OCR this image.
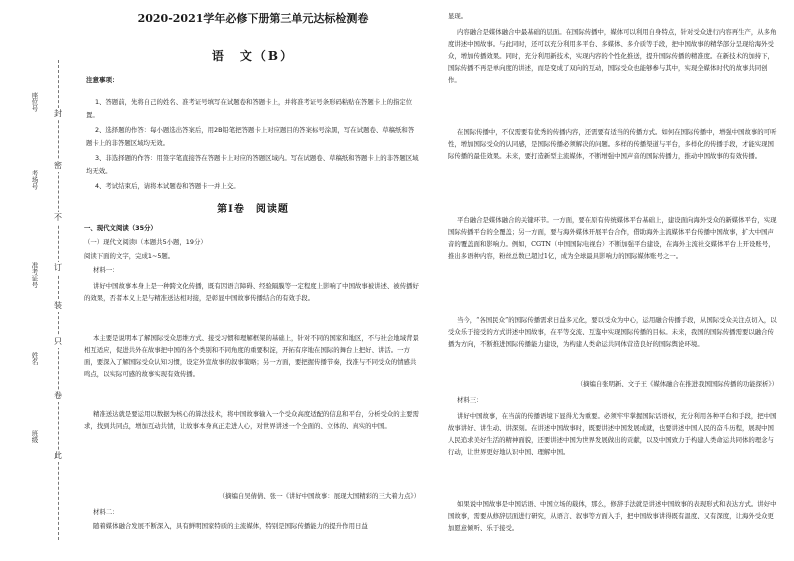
封
密
不
订
装
只
卷
此
座位号
考场号
准考证号
姓名
班级
2020-2021学年必修下册第三单元达标检测卷
语　文（B）
注意事项：
1、答题前，先将自己的姓名、准考证号填写在试题卷和答题卡上，并将准考证号条形码粘贴在答题卡上的指定位置。
2、选择题的作答：每小题选出答案后，用2B铅笔把答题卡上对应题目的答案标号涂黑，写在试题卷、草稿纸和答题卡上的非答题区域均无效。
3、非选择题的作答：用签字笔直接答在答题卡上对应的答题区域内。写在试题卷、草稿纸和答题卡上的非答题区域均无效。
4、考试结束后，请将本试题卷和答题卡一并上交。
第Ⅰ卷　阅读题
一、现代文阅读（35分）
（一）现代文阅读Ⅰ（本题共5小题，19分）
阅读下面的文字，完成1~5题。
材料一：
讲好中国故事本身上是一种跨文化传播，既有因语言障碍、经验隔膜等一定程度上影响了中国故事被讲述、被传播好的效果，否者本义上是与精准送达相对接，是彰显中国故事传播结合的有效手段。
本主要是说明本了解国际受众思维方式、接受习惯和理解框架的基础上，针对不同的国家和地区，不与社会地域背景相互适应，促进共外在故事把中国的各个类别和不同角度的重要积淀，开拓有序地在国际的舞台上把好、讲活。一方面，要深入了解国际受众认知习惯，设定外宣故事的叙事策略；另一方面，要把握传播节奏，找准与不同受众的情感共鸣点，以实际可感的故事实现有效传播。
精准送达就是要运用以数据为核心的算法技术，将中国故事输入一个受众高度适配的信息和平台，分析受众的主要需求，找到共同点，增加互动共情，让故事本身真正走进人心，对世界讲述一个全面的、立体的、真实的中国。
（摘编自吴倩倩、张一《讲好中国故事：展现大国精彩的三大着力点》）
材料二：
随着媒体融合发展不断深入，具有鲜明国家特质的主流媒体，特别是国际传播能力的提升作用日益
显现。
内容融合是媒体融合中最基础的层面。在国际传播中，媒体可以利用自身特点，针对受众进行内容再生产，从多角度讲述中国故事。与此同时，还可以充分利用多平台、多媒体、多介质等手段，把中国故事的精华部分呈现给海外受众，增加传播效果。同时，充分利用新技术，实现内容的个性化推送，提升国际传播的精准度。在新技术的加持下，国际传播不再是单向度的讲述，而是变成了双向的互动，国际受众也能够参与其中，实现全媒体时代的故事共同创作。
在国际传播中，不仅需要有优秀的传播内容，还需要有适当的传播方式。如何在国际传播中，增强中国故事的可听性，增加国际受众的认同感，是国际传播必须解决的问题。多样的传播渠道与平台，多样化的传播手段，才能实现国际传播的最佳效果。未来，要打造新型主流媒体，不断增强中国声音的国际传播力，推动中国故事的有效传播。
平台融合是媒体融合的关键环节。一方面，要在原有传统媒体平台基础上，建设面向海外受众的新媒体平台，实现国际传播平台的全覆盖；另一方面，要与海外媒体开展平台合作，借助海外主流媒体平台传播中国故事，扩大中国声音的覆盖面和影响力。例如，CGTN（中国国际电视台）不断加强平台建设，在海外主流社交媒体平台上开设账号，推出多语种内容，粉丝总数已超过1亿，成为全球最具影响力的国际媒体账号之一。
当今，“各国民众”的国际传播需求日益多元化，要以受众为中心，运用融合传播手段，从国际受众关注点切入，以受众乐于接受的方式讲述中国故事，在平等交流、互鉴中实现国际传播的目标。未来，我国的国际传播需要以融合传播为方向，不断推进国际传播能力建设，为构建人类命运共同体营造良好的国际舆论环境。
（摘编自张明新、文子王《媒体融合在推进我国国际传播的功能探析》）
材料三：
讲好中国故事，在当前的传播语境下显得尤为重要。必须牢牢掌握国际话语权，充分利用各种平台和手段，把中国故事讲好、讲生动、讲深刻。在讲述中国故事时，既要讲述中国发展成就，也要讲述中国人民的奋斗历程，展现中国人民追求美好生活的精神面貌，还要讲述中国为世界发展做出的贡献，以及中国致力于构建人类命运共同体的理念与行动，让世界更好地认识中国、理解中国。
如果说中国故事是中国话语、中国立场的载体，那么，修辞手法就是讲述中国故事的表现形式和表达方式。讲好中国故事，需要从修辞层面进行研究，从语言、叙事等方面入手，把中国故事讲得既有温度、又有深度，让海外受众更加愿意倾听、乐于接受。
